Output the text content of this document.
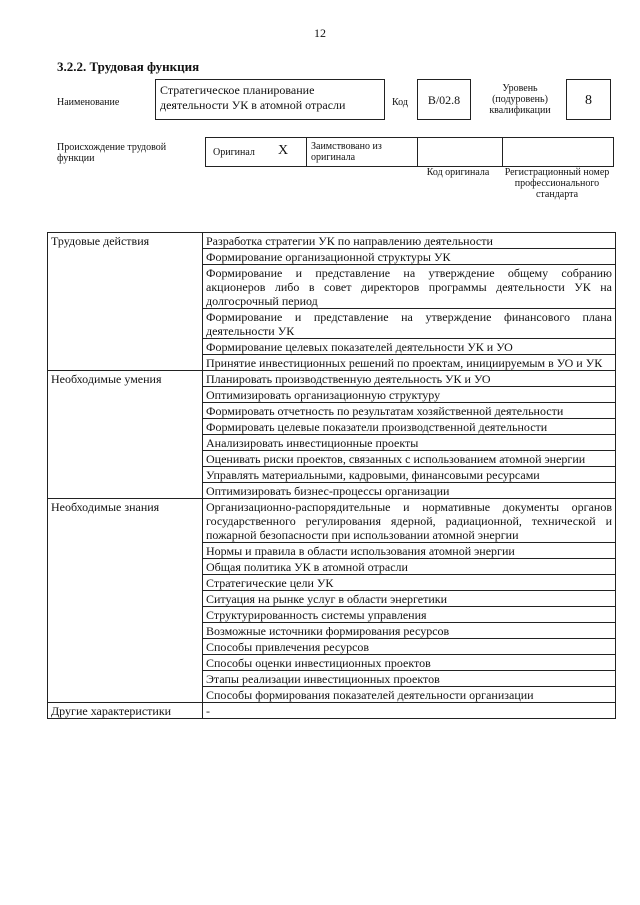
12
3.2.2. Трудовая функция
Наименование
Стратегическое планирование деятельности УК в атомной отрасли	Код	B/02.8
Уровень (подуровень) квалификации
8
Происхождение трудовой функции
Оригинал X Заимствовано из оригинала
Код оригинала	Регистрационный номер профессионального стандарта
Трудовые действия	Разработка стратегии УК по направлению деятельности
	Формирование организационной структуры УК
	Формирование и представление на утверждение общему собранию акционеров либо в совет директоров программы деятельности УК на долгосрочный период
	Формирование и представление на утверждение финансового плана деятельности УК
	Формирование целевых показателей деятельности УК и УО
	Принятие инвестиционных решений по проектам, инициируемым в УО и УК
Необходимые умения	Планировать производственную деятельность УК и УО
	Оптимизировать организационную структуру
	Формировать отчетность по результатам хозяйственной деятельности
	Формировать целевые показатели производственной деятельности
	Анализировать инвестиционные проекты
	Оценивать риски проектов, связанных с использованием атомной энергии
	Управлять материальными, кадровыми, финансовыми ресурсами
	Оптимизировать бизнес-процессы организации
Необходимые знания	Организационно-распорядительные и нормативные документы органов государственного регулирования ядерной, радиационной, технической и пожарной безопасности при использовании атомной энергии
	Нормы и правила в области использования атомной энергии
	Общая политика УК в атомной отрасли
	Стратегические цели УК
	Ситуация на рынке услуг в области энергетики
	Структурированность системы управления
	Возможные источники формирования ресурсов
	Способы привлечения ресурсов
	Способы оценки инвестиционных проектов
	Этапы реализации инвестиционных проектов
	Способы формирования показателей деятельности организации
Другие характеристики	-
